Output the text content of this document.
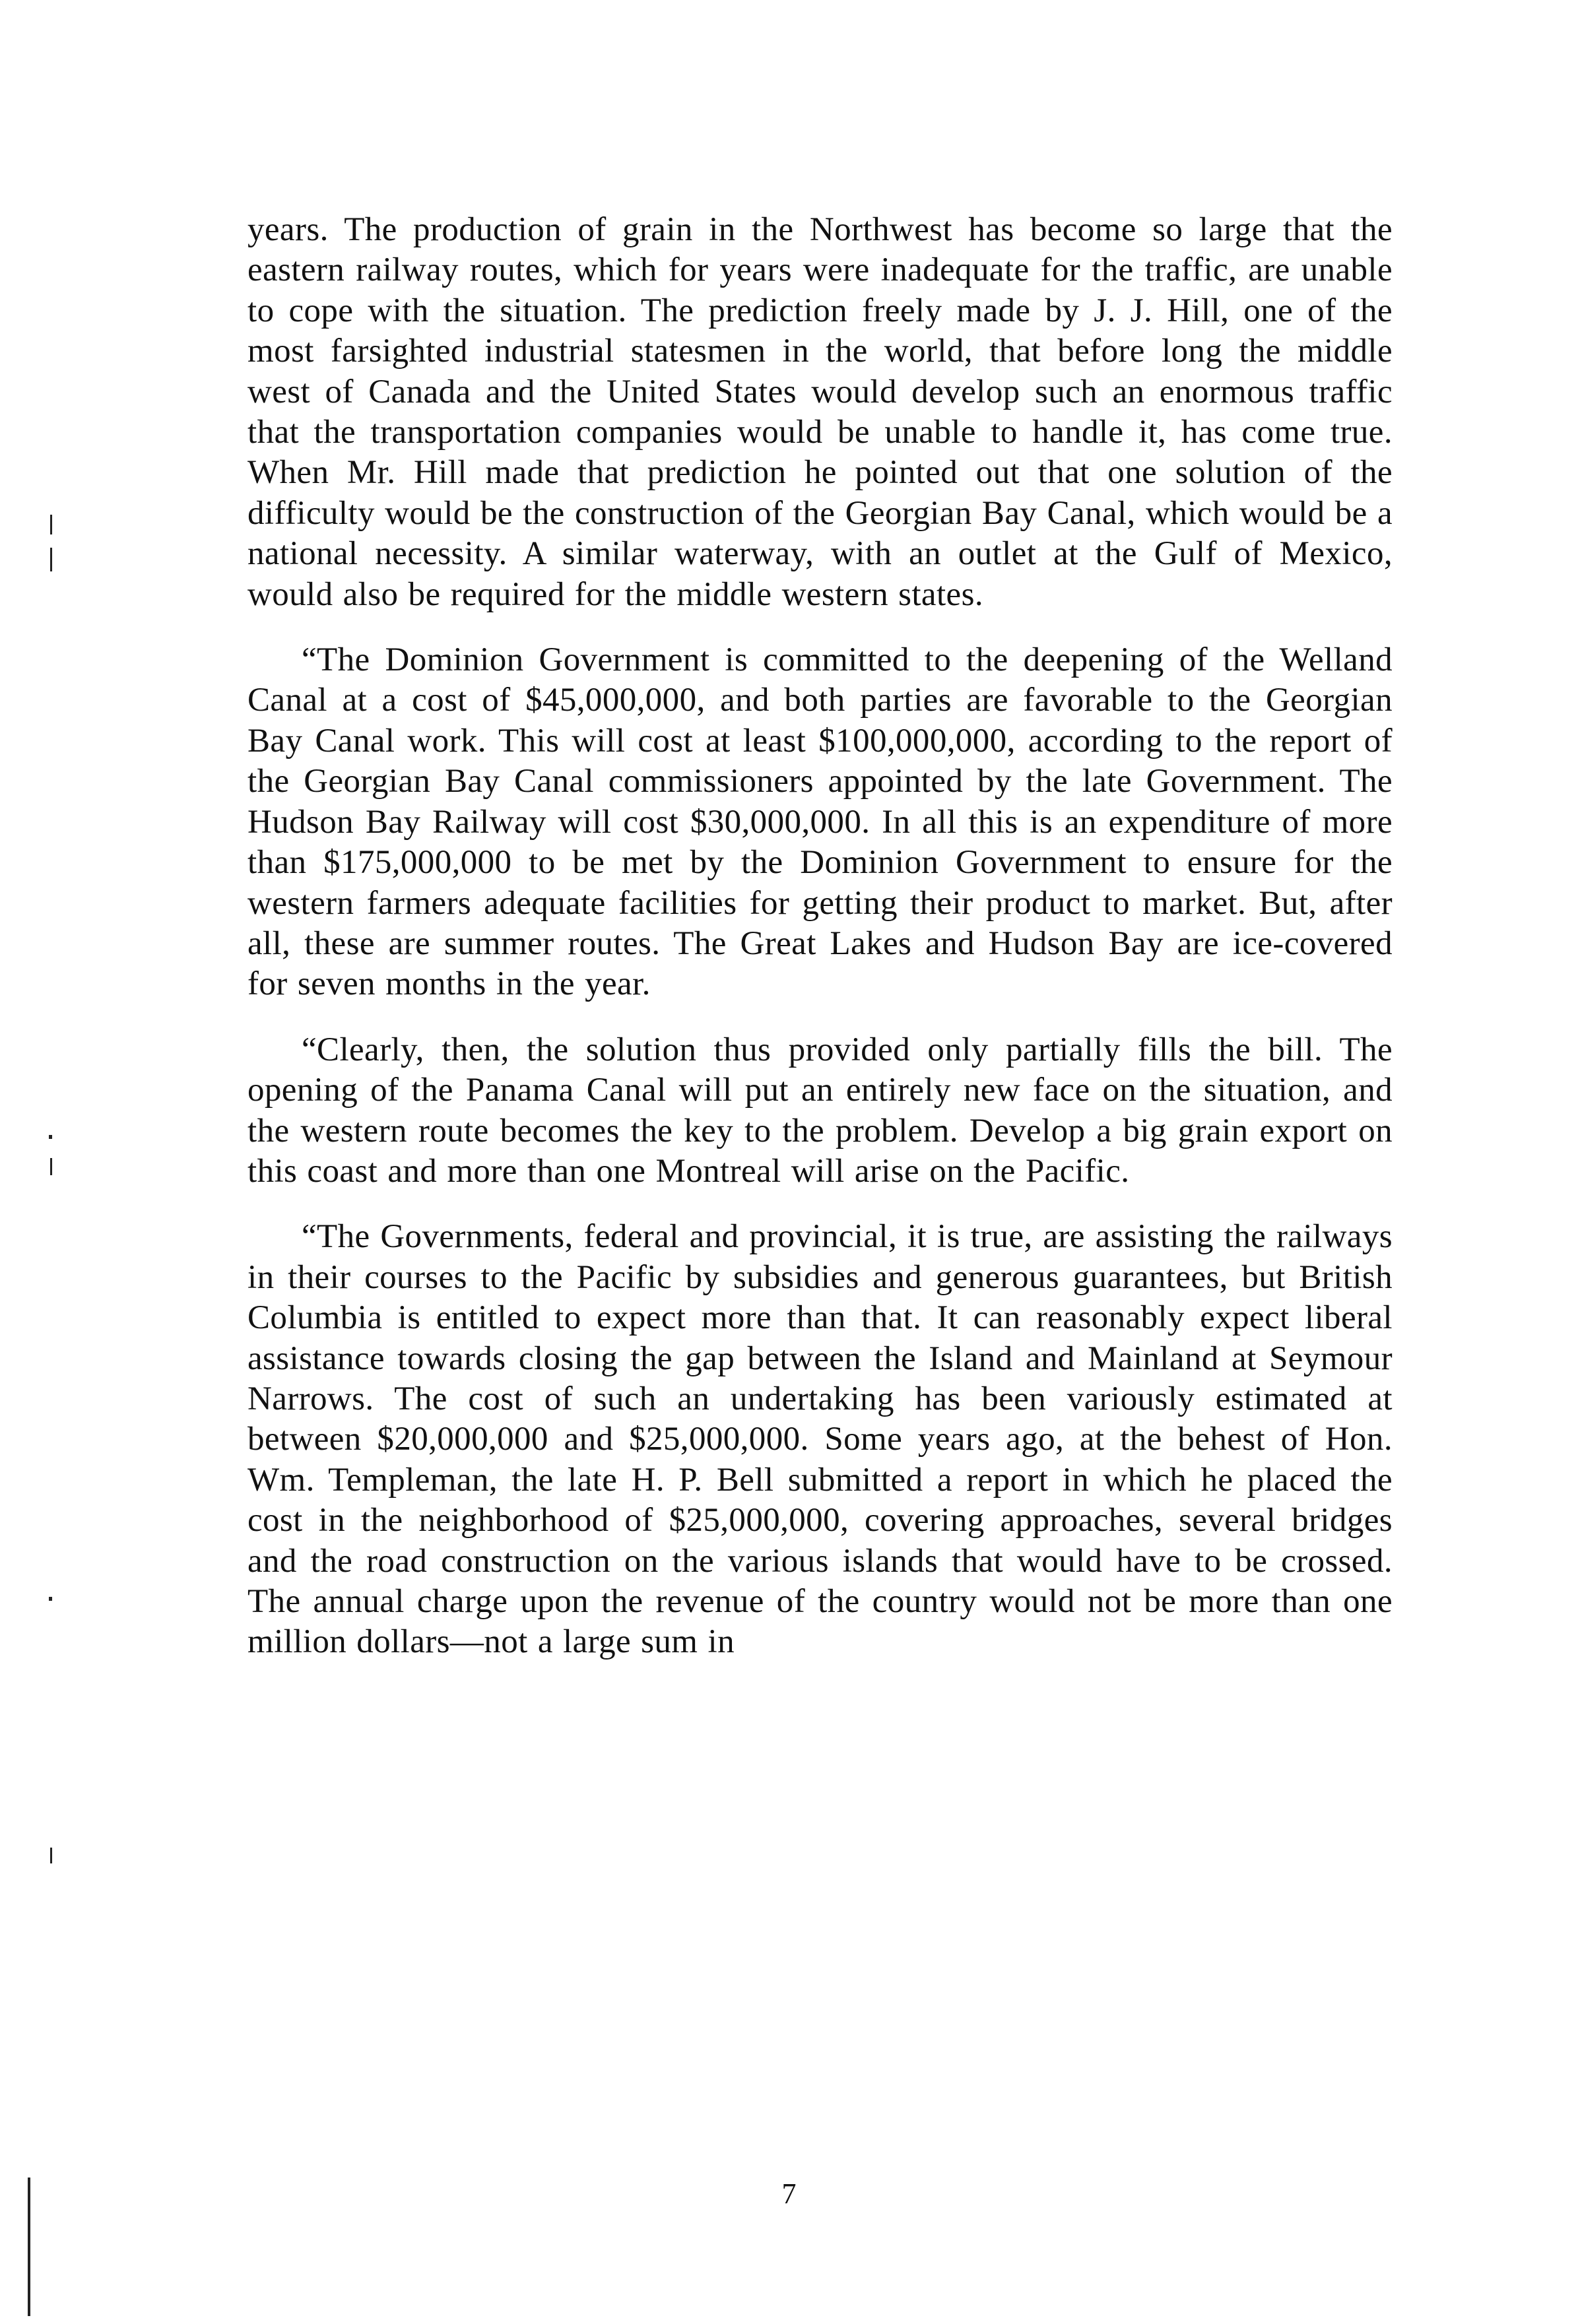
years. The production of grain in the Northwest has become so large that the eastern railway routes, which for years were inadequate for the traffic, are unable to cope with the situation. The prediction freely made by J. J. Hill, one of the most farsighted industrial statesmen in the world, that before long the middle west of Canada and the United States would develop such an enormous traffic that the transportation companies would be unable to handle it, has come true. When Mr. Hill made that prediction he pointed out that one solution of the difficulty would be the construction of the Georgian Bay Canal, which would be a national necessity. A similar waterway, with an outlet at the Gulf of Mexico, would also be required for the middle western states.

“The Dominion Government is committed to the deepening of the Welland Canal at a cost of $45,000,000, and both parties are favorable to the Georgian Bay Canal work. This will cost at least $100,000,000, according to the report of the Georgian Bay Canal commissioners appointed by the late Government. The Hudson Bay Railway will cost $30,000,000. In all this is an expenditure of more than $175,000,000 to be met by the Dominion Government to ensure for the western farmers adequate facilities for getting their product to market. But, after all, these are summer routes. The Great Lakes and Hudson Bay are ice-covered for seven months in the year.

“Clearly, then, the solution thus provided only partially fills the bill. The opening of the Panama Canal will put an entirely new face on the situation, and the western route becomes the key to the problem. Develop a big grain export on this coast and more than one Montreal will arise on the Pacific.

“The Governments, federal and provincial, it is true, are assisting the railways in their courses to the Pacific by subsidies and generous guarantees, but British Columbia is entitled to expect more than that. It can reasonably expect liberal assistance towards closing the gap between the Island and Mainland at Seymour Narrows. The cost of such an undertaking has been variously estimated at between $20,000,000 and $25,000,000. Some years ago, at the behest of Hon. Wm. Templeman, the late H. P. Bell submitted a report in which he placed the cost in the neighborhood of $25,000,000, covering approaches, several bridges and the road construction on the various islands that would have to be crossed. The annual charge upon the revenue of the country would not be more than one million dollars—not a large sum in

7
